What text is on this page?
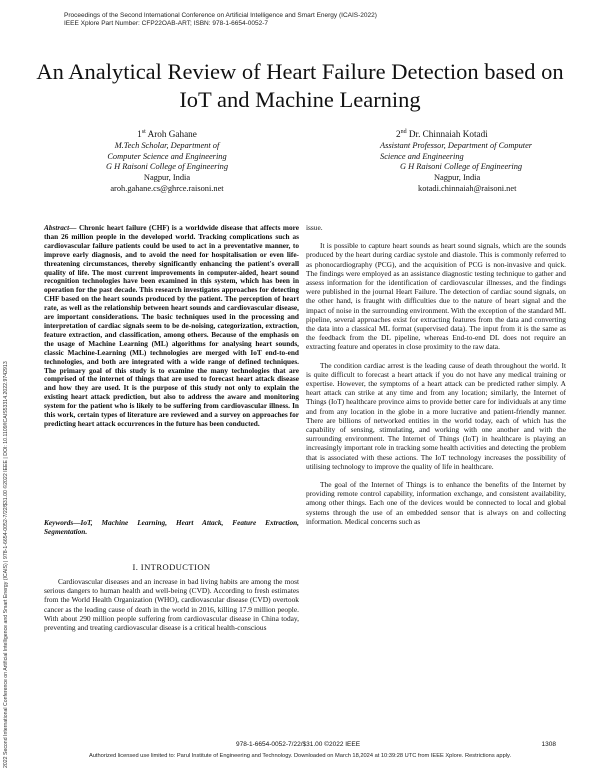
Proceedings of the Second International Conference on Artificial Intelligence and Smart Energy (ICAIS-2022)
IEEE Xplore Part Number: CFP22OAB-ART; ISBN: 978-1-6654-0052-7
2022 Second International Conference on Artificial Intelligence and Smart Energy (ICAIS) | 978-1-6654-0052-7/22/$31.00 ©2022 IEEE | DOI: 10.1109/ICAIS53314.2022.9742913
An Analytical Review of Heart Failure Detection based on IoT and Machine Learning
1st Aroh Gahane
M.Tech Scholar, Department of
Computer Science and Engineering
G H Raisoni College of Engineering
Nagpur, India
aroh.gahane.cs@ghrce.raisoni.net
2nd Dr. Chinnaiah Kotadi
Assistant Professor, Department of Computer
Science and Engineering
G H Raisoni College of Engineering
Nagpur, India
kotadi.chinnaiah@raisoni.net
Abstract— Chronic heart failure (CHF) is a worldwide disease that affects more than 26 million people in the developed world. Tracking complications such as cardiovascular failure patients could be used to act in a preventative manner, to improve early diagnosis, and to avoid the need for hospitalisation or even life-threatening circumstances, thereby significantly enhancing the patient's overall quality of life. The most current improvements in computer-aided, heart sound recognition technologies have been examined in this system, which has been in operation for the past decade. This research investigates approaches for detecting CHF based on the heart sounds produced by the patient. The perception of heart rate, as well as the relationship between heart sounds and cardiovascular disease, are important considerations. The basic techniques used in the processing and interpretation of cardiac signals seem to be de-noising, categorization, extraction, feature extraction, and classification, among others. Because of the emphasis on the usage of Machine Learning (ML) algorithms for analysing heart sounds, classic Machine-Learning (ML) technologies are merged with IoT end-to-end technologies, and both are integrated with a wide range of defined techniques. The primary goal of this study is to examine the many technologies that are comprised of the internet of things that are used to forecast heart attack disease and how they are used. It is the purpose of this study not only to explain the existing heart attack prediction, but also to address the aware and monitoring system for the patient who is likely to be suffering from cardiovascular illness. In this work, certain types of literature are reviewed and a survey on approaches for predicting heart attack occurrences in the future has been conducted.
Keywords—IoT, Machine Learning, Heart Attack, Feature Extraction, Segmentation.
I. INTRODUCTION

Cardiovascular diseases and an increase in bad living habits are among the most serious dangers to human health and well-being (CVD). According to fresh estimates from the World Health Organization (WHO), cardiovascular disease (CVD) overtook cancer as the leading cause of death in the world in 2016, killing 17.9 million people. With about 290 million people suffering from cardiovascular disease in China today, preventing and treating cardiovascular disease is a critical health-conscious

issue.

It is possible to capture heart sounds as heart sound signals, which are the sounds produced by the heart during cardiac systole and diastole. This is commonly referred to as phonocardiography (PCG), and the acquisition of PCG is non-invasive and quick. The findings were employed as an assistance diagnostic testing technique to gather and assess information for the identification of cardiovascular illnesses, and the findings were published in the journal Heart Failure. The detection of cardiac sound signals, on the other hand, is fraught with difficulties due to the nature of heart signal and the impact of noise in the surrounding environment. With the exception of the standard ML pipeline, several approaches exist for extracting features from the data and converting the data into a classical ML format (supervised data). The input from it is the same as the feedback from the DL pipeline, whereas End-to-end DL does not require an extracting feature and operates in close proximity to the raw data.

The condition cardiac arrest is the leading cause of death throughout the world. It is quite difficult to forecast a heart attack if you do not have any medical training or expertise. However, the symptoms of a heart attack can be predicted rather simply. A heart attack can strike at any time and from any location; similarly, the Internet of Things (IoT) healthcare province aims to provide better care for individuals at any time and from any location in the globe in a more lucrative and patient-friendly manner. There are billions of networked entities in the world today, each of which has the capability of sensing, stimulating, and working with one another and with the surrounding environment. The Internet of Things (IoT) in healthcare is playing an increasingly important role in tracking some health activities and detecting the problem that is associated with these actions. The IoT technology increases the possibility of utilising technology to improve the quality of life in healthcare.

The goal of the Internet of Things is to enhance the benefits of the Internet by providing remote control capability, information exchange, and consistent availability, among other things. Each one of the devices would be connected to local and global systems through the use of an embedded sensor that is always on and collecting information. Medical concerns such as

978-1-6654-0052-7/22/$31.00 ©2022 IEEE	1308
Authorized licensed use limited to: Parul Institute of Engineering and Technology. Downloaded on March 18,2024 at 10:39:28 UTC from IEEE Xplore. Restrictions apply.
